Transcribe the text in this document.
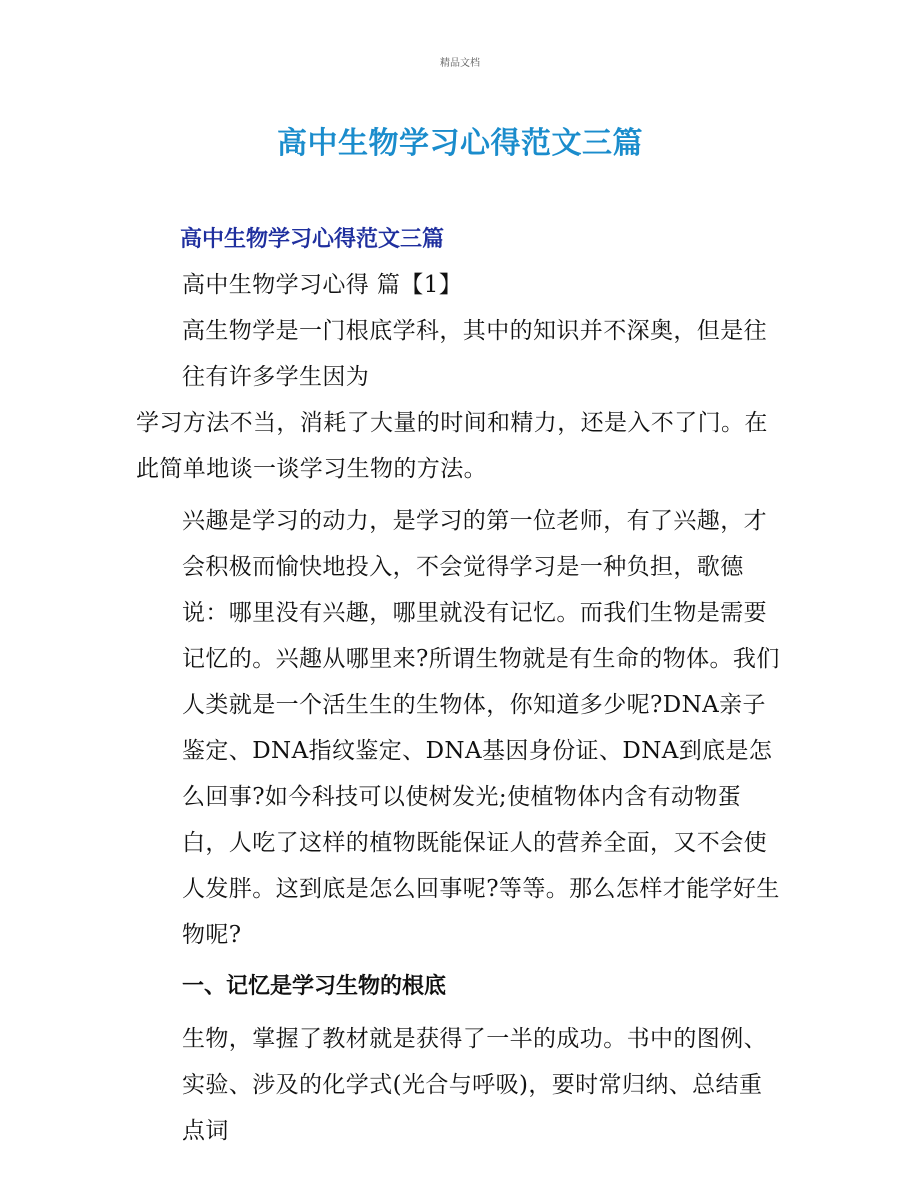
精品文档
高中生物学习心得范文三篇

高中生物学习心得范文三篇

高中生物学习心得 篇【1】

高生物学是一门根底学科，其中的知识并不深奥，但是往往有许多学生因为

学习方法不当，消耗了大量的时间和精力，还是入不了门。在此简单地谈一谈学习生物的方法。

兴趣是学习的动力，是学习的第一位老师，有了兴趣，才会积极而愉快地投入，不会觉得学习是一种负担，歌德说：哪里没有兴趣，哪里就没有记忆。而我们生物是需要记忆的。兴趣从哪里来?所谓生物就是有生命的物体。我们人类就是一个活生生的生物体，你知道多少呢?DNA亲子鉴定、DNA指纹鉴定、DNA基因身份证、DNA到底是怎么回事?如今科技可以使树发光;使植物体内含有动物蛋白，人吃了这样的植物既能保证人的营养全面，又不会使人发胖。这到底是怎么回事呢?等等。那么怎样才能学好生物呢?

一、记忆是学习生物的根底

生物，掌握了教材就是获得了一半的成功。书中的图例、实验、涉及的化学式(光合与呼吸)，要时常归纳、总结重点词
